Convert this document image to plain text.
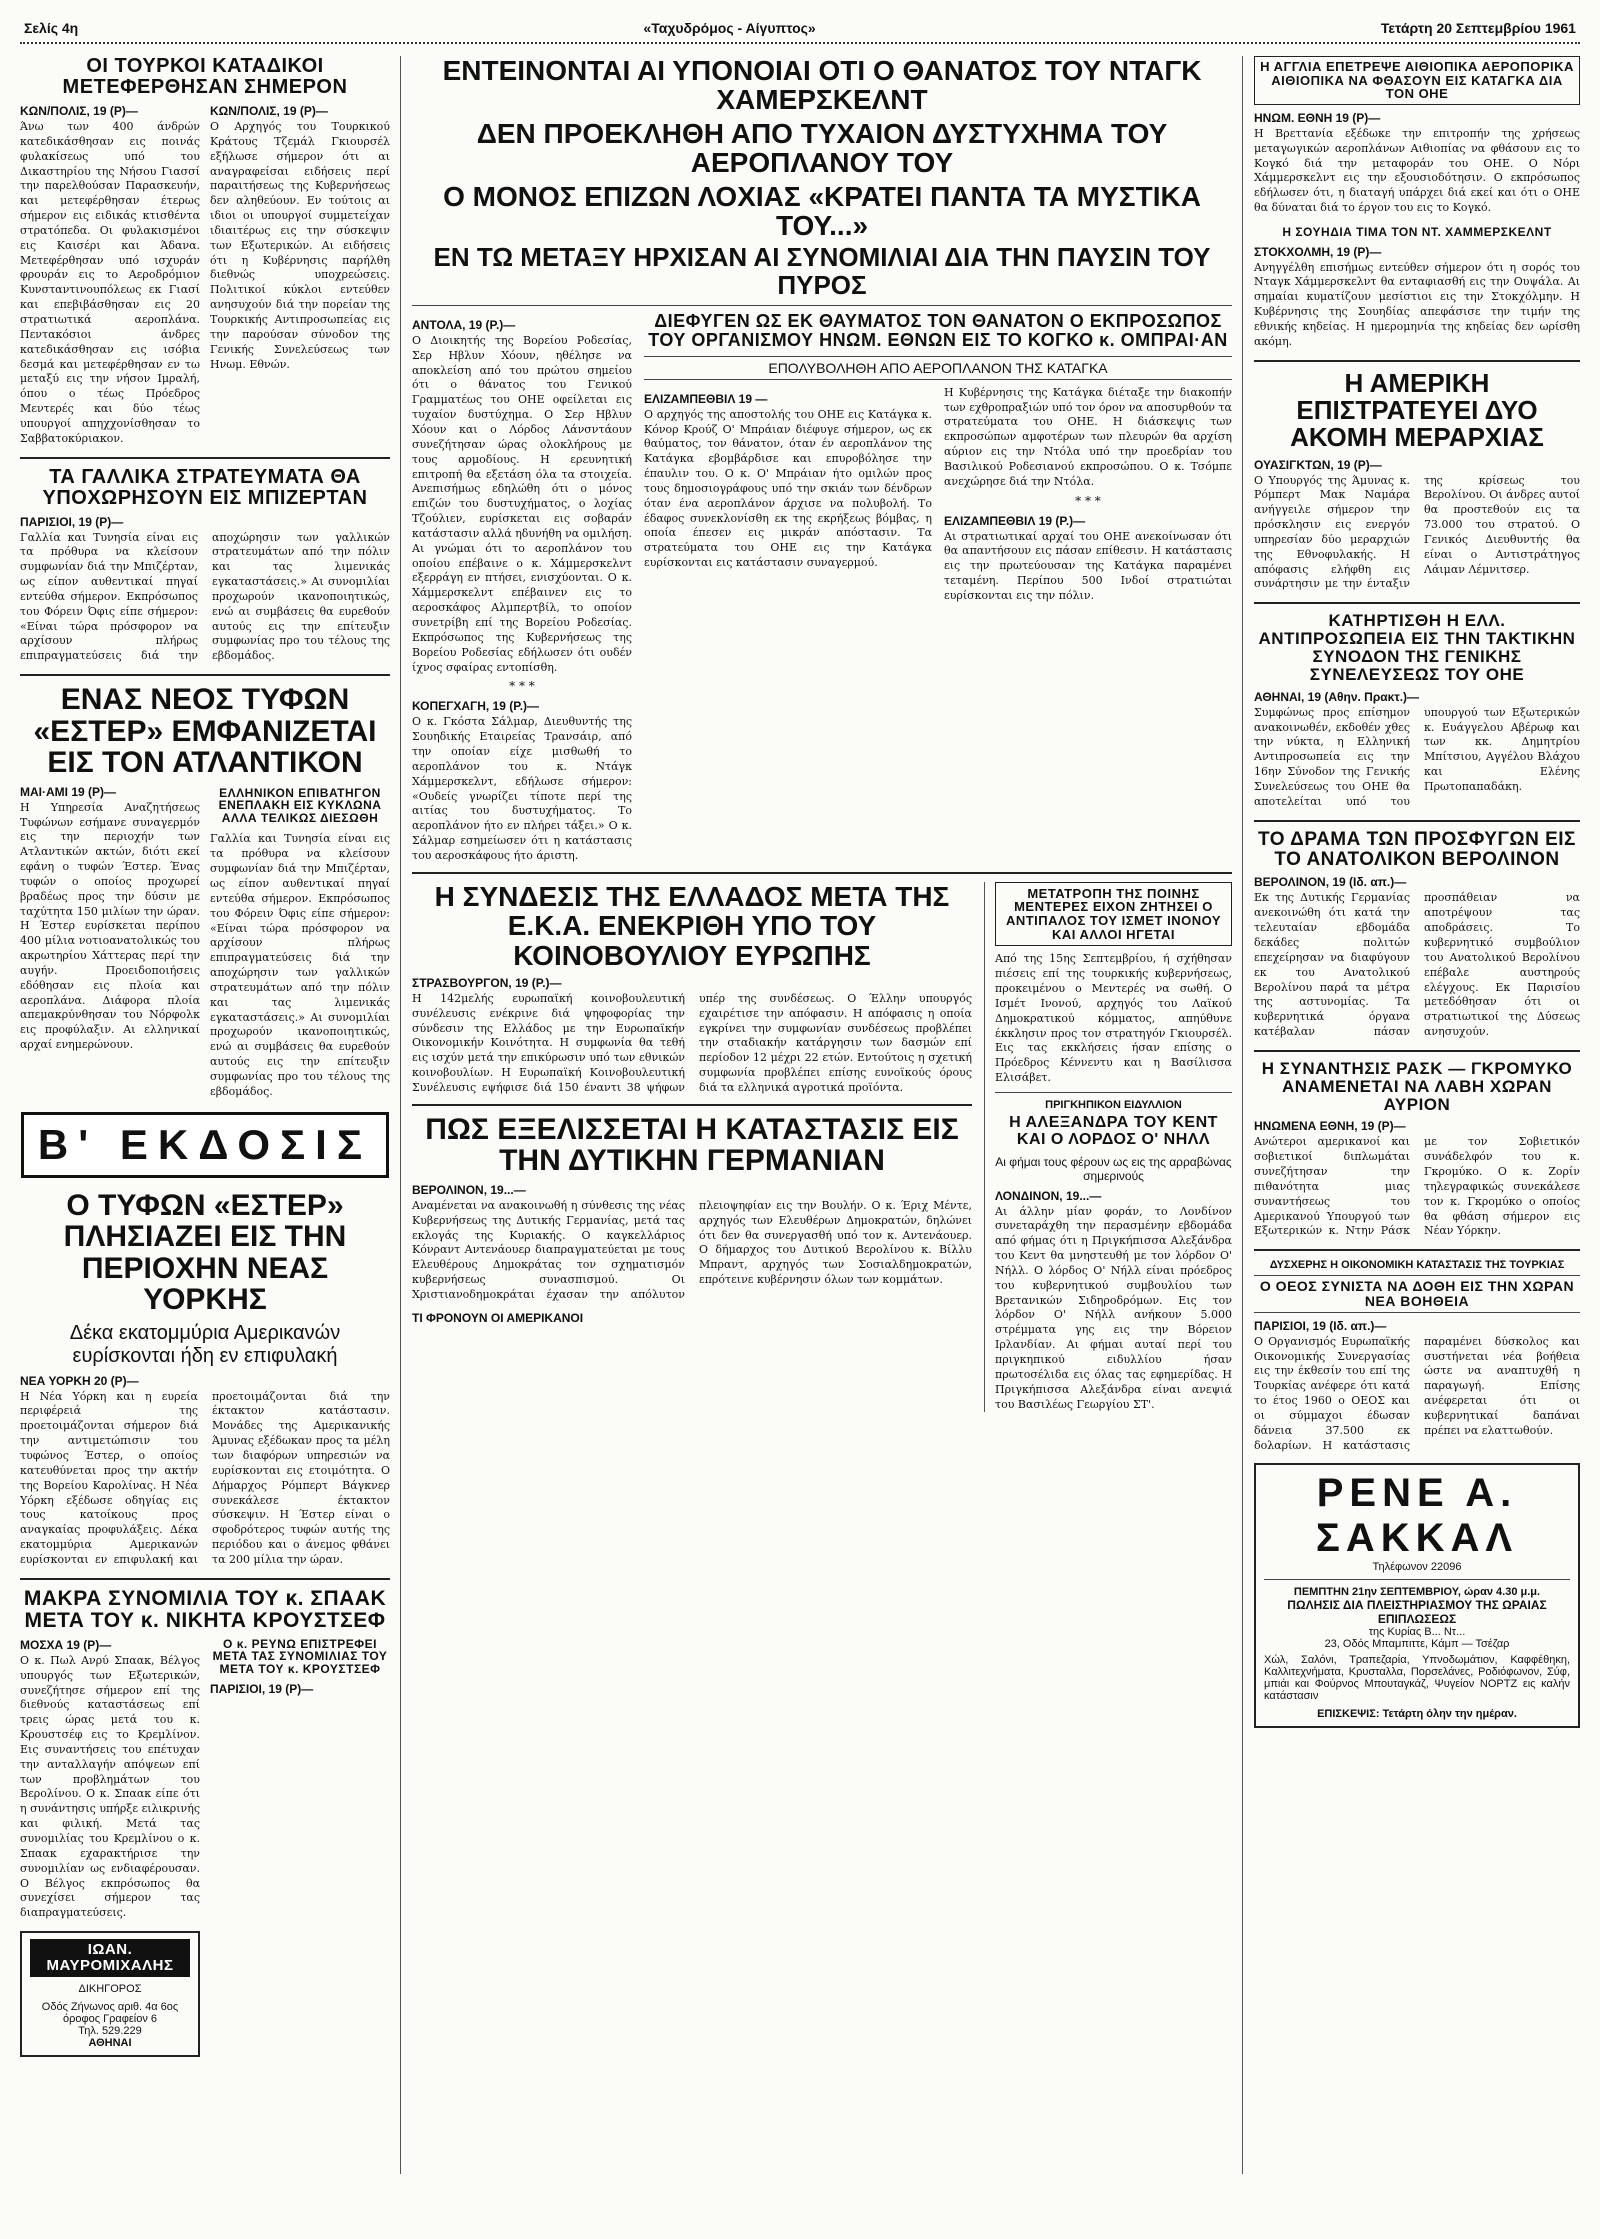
Σελίς 4η	«Ταχυδρόμος - Αίγυπτος»	Τετάρτη 20 Σεπτεμβρίου 1961
ΟΙ ΤΟΥΡΚΟΙ ΚΑΤΑΔΙΚΟΙ ΜΕΤΕΦΕΡΘΗΣΑΝ ΣΗΜΕΡΟΝ
ΚΩΝ/ΠΟΛΙΣ, 19 (Ρ)—
Άνω των 400 άνδρών κατεδικάσθησαν εις ποινάς φυλακίσεως υπό του Δικαστηρίου της Νήσου Γιασσί την παρελθούσαν Παρασκευήν, και μετεφέρθησαν έτερως σήμερον εις ειδικάς κτισθέντα στρατόπεδα. Οι φυλακισμένοι εις Καισέρι και Άδανα. Μετεφέρθησαν υπό ισχυράν φρουράν εις το Αεροδρόμιον Κυνσταντινουπόλεως εκ Γιασί και επεβιβάσθησαν εις 20 στρατιωτικά αεροπλάνα. Πεντακόσιοι άνδρες κατεδικάσθησαν εις ισόβια δεσμά και μετεφέρθησαν εν τω μεταξύ εις την νήσον Ιμραλή, όπου ο τέως Πρόεδρος Μεντερές και δύο τέως υπουργοί απηχχονίσθησαν το Σαββατοκύριακον.
ΚΩΝ/ΠΟΛΙΣ, 19 (Ρ)—
Ο Αρχηγός του Τουρκικού Κράτους Τζεμάλ Γκιουρσέλ εξήλωσε σήμερον ότι αι αναγραφείσαι ειδήσεις περί παραιτήσεως της Κυβερνήσεως δεν αληθεύουν. Εν τούτοις αι ιδιοι οι υπουργοί συμμετείχαν ιδιαιτέρως εις την σύσκεψιν των Εξωτερικών. Αι ειδήσεις ότι η Κυβέρνησις παρήλθη διεθνώς υποχρεώσεις. Πολιτικοί κύκλοι εντεύθεν ανησυχούν διά την πορείαν της Τουρκικής Αντιπροσωπείας εις την παρούσαν σύνοδον της Γενικής Συνελεύσεως των Ηνωμ. Εθνών.
ΤΑ ΓΑΛΛΙΚΑ ΣΤΡΑΤΕΥΜΑΤΑ ΘΑ ΥΠΟΧΩΡΗΣΟΥΝ ΕΙΣ ΜΠΙΖΕΡΤΑΝ
ΠΑΡΙΣΙΟΙ, 19 (Ρ)—
Γαλλία και Τυνησία είναι εις τα πρόθυρα να κλείσουν συμφωνίαν διά την Μπιζέρταν, ως είπον αυθεντικαί πηγαί εντεύθα σήμερον. Εκπρόσωπος του Φόρειν Όφις είπε σήμερον: «Είναι τώρα πρόσφορον να αρχίσουν πλήρως επιπραγματεύσεις διά την αποχώρησιν των γαλλικών στρατευμάτων από την πόλιν και τας λιμενικάς εγκαταστάσεις.» Αι συνομιλίαι προχωρούν ικανοποιητικώς, ενώ αι συμβάσεις θα ευρεθούν αυτούς εις την επίτευξιν συμφωνίας προ του τέλους της εβδομάδος.
ΕΝΑΣ ΝΕΟΣ ΤΥΦΩΝ «ΕΣΤΕΡ» ΕΜΦΑΝΙΖΕΤΑΙ ΕΙΣ ΤΟΝ ΑΤΛΑΝΤΙΚΟΝ
ΜΑΙ·ΑΜΙ 19 (Ρ)—
Η Υπηρεσία Αναζητήσεως Τυφώνων εσήμανε συναγερμόν εις την περιοχήν των Ατλαντικών ακτών, διότι εκεί εφάνη ο τυφών Έστερ. Ένας τυφών ο οποίος προχωρεί βραδέως προς την δύσιν με ταχύτητα 150 μιλίων την ώραν. Η Έστερ ευρίσκεται περίπου 400 μίλια νοτιοανατολικώς του ακρωτηρίου Χάττερας περί την αυγήν. Προειδοποιήσεις εδόθησαν εις πλοία και αεροπλάνα. Διάφορα πλοία απεμακρύνθησαν του Νόρφολκ εις προφύλαξιν. Αι ελληνικαί αρχαί ενημερώνουν.
ΕΛΛΗΝΙΚΟΝ ΕΠΙΒΑΤΗΓΟΝ ΕΝΕΠΛΑΚΗ ΕΙΣ ΚΥΚΛΩΝΑ ΑΛΛΑ ΤΕΛΙΚΩΣ ΔΙΕΣΩΘΗ
Γαλλία και Τυνησία είναι εις τα πρόθυρα να κλείσουν συμφωνίαν διά την Μπιζέρταν, ως είπον αυθεντικαί πηγαί εντεύθα σήμερον. Εκπρόσωπος του Φόρειν Όφις είπε σήμερον: «Είναι τώρα πρόσφορον να αρχίσουν πλήρως επιπραγματεύσεις διά την αποχώρησιν των γαλλικών στρατευμάτων από την πόλιν και τας λιμενικάς εγκαταστάσεις.» Αι συνομιλίαι προχωρούν ικανοποιητικώς, ενώ αι συμβάσεις θα ευρεθούν αυτούς εις την επίτευξιν συμφωνίας προ του τέλους της εβδομάδος.
Β' ΕΚΔΟΣΙΣ
Ο ΤΥΦΩΝ «ΕΣΤΕΡ» ΠΛΗΣΙΑΖΕΙ ΕΙΣ ΤΗΝ ΠΕΡΙΟΧΗΝ ΝΕΑΣ ΥΟΡΚΗΣ
Δέκα εκατομμύρια Αμερικανών ευρίσκονται ήδη εν επιφυλακή
ΝΕΑ ΥΟΡΚΗ 20 (Ρ)—
Η Νέα Υόρκη και η ευρεία περιφέρειά της προετοιμάζονται σήμερον διά την αντιμετώπισιν του τυφώνος Έστερ, ο οποίος κατευθύνεται προς την ακτήν της Βορείου Καρολίνας. Η Νέα Υόρκη εξέδωσε οδηγίας εις τους κατοίκους προς αναγκαίας προφυλάξεις. Δέκα εκατομμύρια Αμερικανών ευρίσκονται εν επιφυλακή και προετοιμάζονται διά την έκτακτον κατάστασιν. Μονάδες της Αμερικανικής Άμυνας εξέδωκαν προς τα μέλη των διαφόρων υπηρεσιών να ευρίσκονται εις ετοιμότητα. Ο Δήμαρχος Ρόμπερτ Βάγκνερ συνεκάλεσε έκτακτον σύσκεψιν. Η Έστερ είναι ο σφοδρότερος τυφών αυτής της περιόδου και ο άνεμος φθάνει τα 200 μίλια την ώραν.
ΜΑΚΡΑ ΣΥΝΟΜΙΛΙΑ ΤΟΥ κ. ΣΠΑΑΚ ΜΕΤΑ ΤΟΥ κ. ΝΙΚΗΤΑ ΚΡΟΥΣΤΣΕΦ
ΜΟΣΧΑ 19 (Ρ)—
Ο κ. Πωλ Ανρύ Σπαακ, Βέλγος υπουργός των Εξωτερικών, συνεζήτησε σήμερον επί της διεθνούς καταστάσεως επί τρεις ώρας μετά του κ. Κρουστσέφ εις το Κρεμλίνον. Εις συναντήσεις του επέτυχαν την ανταλλαγήν απόψεων επί των προβλημάτων του Βερολίνου. Ο κ. Σπαακ είπε ότι η συνάντησις υπήρξε ειλικρινής και φιλική. Μετά τας συνομιλίας του Κρεμλίνου ο κ. Σπαακ εχαρακτήρισε την συνομιλίαν ως ενδιαφέρουσαν. Ο Βέλγος εκπρόσωπος θα συνεχίσει σήμερον τας διαπραγματεύσεις.
Ο κ. ΡΕΥΝΩ ΕΠΙΣΤΡΕΦΕΙ ΜΕΤΑ ΤΑΣ ΣΥΝΟΜΙΛΙΑΣ ΤΟΥ ΜΕΤΑ ΤΟΥ κ. ΚΡΟΥΣΤΣΕΦ
ΠΑΡΙΣΙΟΙ, 19 (Ρ)—
ΙΩΑΝ. ΜΑΥΡΟΜΙΧΑΛΗΣ
ΔΙΚΗΓΟΡΟΣ
Οδός Ζήνωνος αριθ. 4α 6ος όροφος Γραφείον 6
Τηλ. 529.229
ΑΘΗΝΑΙ
ΕΝΤΕΙΝΟΝΤΑΙ ΑΙ ΥΠΟΝΟΙΑΙ ΟΤΙ Ο ΘΑΝΑΤΟΣ ΤΟΥ ΝΤΑΓΚ ΧΑΜΕΡΣΚΕΛΝΤ
ΔΕΝ ΠΡΟΕΚΛΗΘΗ ΑΠΟ ΤΥΧΑΙΟΝ ΔΥΣΤΥΧΗΜΑ ΤΟΥ ΑΕΡΟΠΛΑΝΟΥ ΤΟΥ
Ο ΜΟΝΟΣ ΕΠΙΖΩΝ ΛΟΧΙΑΣ «ΚΡΑΤΕΙ ΠΑΝΤΑ ΤΑ ΜΥΣΤΙΚΑ ΤΟΥ...»
ΕΝ ΤΩ ΜΕΤΑΞΥ ΗΡΧΙΣΑΝ ΑΙ ΣΥΝΟΜΙΛΙΑΙ ΔΙΑ ΤΗΝ ΠΑΥΣΙΝ ΤΟΥ ΠΥΡΟΣ
ΑΝΤΟΛΑ, 19 (Ρ.)—
Ο Διοικητής της Βορείου Ροδεσίας, Σερ Ηβλυν Χόουν, ηθέλησε να αποκλείση από του πρώτου σημείου ότι ο θάνατος του Γενικού Γραμματέως του ΟΗΕ οφείλεται εις τυχαίον δυστύχημα. Ο Σερ Ηβλυν Χόουν και ο Λόρδος Λάνσντάουν συνεζήτησαν ώρας ολοκλήρους με τους αρμοδίους. Η ερευνητική επιτροπή θα εξετάση όλα τα στοιχεία. Ανεπισήμως εδηλώθη ότι ο μόνος επιζών του δυστυχήματος, ο λοχίας Τζούλιεν, ευρίσκεται εις σοβαράν κατάστασιν αλλά ηδυνήθη να ομιλήση. Αι γνώμαι ότι το αεροπλάνον του οποίου επέβαινε ο κ. Χάμμερσκελντ εξερράγη εν πτήσει, ενισχύονται. Ο κ. Χάμμερσκελντ επέβαινεν εις το αεροσκάφος Αλμπερτβίλ, το οποίον συνετρίβη επί της Βορείου Ροδεσίας. Εκπρόσωπος της Κυβερνήσεως της Βορείου Ροδεσίας εδήλωσεν ότι ουδέν ίχνος σφαίρας εντοπίσθη.
* * *
ΚΟΠΕΓΧΑΓΗ, 19 (Ρ.)—
Ο κ. Γκόστα Σάλμαρ, Διευθυντής της Σουηδικής Εταιρείας Τρανσάιρ, από την οποίαν είχε μισθωθή το αεροπλάνον του κ. Ντάγκ Χάμμερσκελντ, εδήλωσε σήμερον: «Ουδείς γνωρίζει τίποτε περί της αιτίας του δυστυχήματος. Το αεροπλάνον ήτο εν πλήρει τάξει.» Ο κ. Σάλμαρ εσημείωσεν ότι η κατάστασις του αεροσκάφους ήτο άριστη.
ΔΙΕΦΥΓΕΝ ΩΣ ΕΚ ΘΑΥΜΑΤΟΣ ΤΟΝ ΘΑΝΑΤΟΝ Ο ΕΚΠΡΟΣΩΠΟΣ ΤΟΥ ΟΡΓΑΝΙΣΜΟΥ ΗΝΩΜ. ΕΘΝΩΝ ΕΙΣ ΤΟ ΚΟΓΚΟ κ. ΟΜΠΡΑΙ·ΑΝ
ΕΠΟΛΥΒΟΛΗΘΗ ΑΠΟ ΑΕΡΟΠΛΑΝΟΝ ΤΗΣ ΚΑΤΑΓΚΑ
ΕΛΙΖΑΜΠΕΘΒΙΛ 19 —
Ο αρχηγός της αποστολής του ΟΗΕ εις Κατάγκα κ. Κόνορ Κρούζ Ο' Μπράιαν διέφυγε σήμερον, ως εκ θαύματος, τον θάνατον, όταν έν αεροπλάνον της Κατάγκα εβομβάρδισε και επυροβόλησε την έπαυλιν του. Ο κ. Ο' Μπράιαν ήτο ομιλών προς τους δημοσιογράφους υπό την σκιάν των δένδρων όταν ένα αεροπλάνον άρχισε να πολυβολή. Το έδαφος συνεκλονίσθη εκ της εκρήξεως βόμβας, η οποία έπεσεν εις μικράν απόστασιν. Τα στρατεύματα του ΟΗΕ εις την Κατάγκα ευρίσκονται εις κατάστασιν συναγερμού.
Η Κυβέρνησις της Κατάγκα διέταξε την διακοπήν των εχθροπραξιών υπό τον όρον να αποσυρθούν τα στρατεύματα του ΟΗΕ. Η διάσκεψις των εκπροσώπων αμφοτέρων των πλευρών θα αρχίση αύριον εις την Ντόλα υπό την προεδρίαν του Βασιλικού Ροδεσιανού εκπροσώπου. Ο κ. Τσόμπε ανεχώρησε διά την Ντόλα.
* * *
ΕΛΙΖΑΜΠΕΘΒΙΛ 19 (Ρ.)—
Αι στρατιωτικαί αρχαί του ΟΗΕ ανεκοίνωσαν ότι θα απαντήσουν εις πάσαν επίθεσιν. Η κατάστασις εις την πρωτεύουσαν της Κατάγκα παραμένει τεταμένη. Περίπου 500 Ινδοί στρατιώται ευρίσκονται εις την πόλιν.
Η ΣΥΝΔΕΣΙΣ ΤΗΣ ΕΛΛΑΔΟΣ ΜΕΤΑ ΤΗΣ Ε.Κ.Α. ΕΝΕΚΡΙΘΗ ΥΠΟ ΤΟΥ ΚΟΙΝΟΒΟΥΛΙΟΥ ΕΥΡΩΠΗΣ
ΣΤΡΑΣΒΟΥΡΓΟΝ, 19 (Ρ.)—
Η 142μελής ευρωπαϊκή κοινοβουλευτική συνέλευσις ενέκρινε διά ψηφοφορίας την σύνδεσιν της Ελλάδος με την Ευρωπαϊκήν Οικονομικήν Κοινότητα. Η συμφωνία θα τεθή εις ισχύν μετά την επικύρωσιν υπό των εθνικών κοινοβουλίων. Η Ευρωπαϊκή Κοινοβουλευτική Συνέλευσις εψήφισε διά 150 έναντι 38 ψήφων υπέρ της συνδέσεως. Ο Έλλην υπουργός εχαιρέτισε την απόφασιν. Η απόφασις η οποία εγκρίνει την συμφωνίαν συνδέσεως προβλέπει την σταδιακήν κατάργησιν των δασμών επί περίοδον 12 μέχρι 22 ετών. Εντούτοις η σχετική συμφωνία προβλέπει επίσης ευνοϊκούς όρους διά τα ελληνικά αγροτικά προϊόντα.
ΠΩΣ ΕΞΕΛΙΣΣΕΤΑΙ Η ΚΑΤΑΣΤΑΣΙΣ ΕΙΣ ΤΗΝ ΔΥΤΙΚΗΝ ΓΕΡΜΑΝΙΑΝ
ΒΕΡΟΛΙΝΟΝ, 19...—
Αναμένεται να ανακοινωθή η σύνθεσις της νέας Κυβερνήσεως της Δυτικής Γερμανίας, μετά τας εκλογάς της Κυριακής. Ο καγκελλάριος Κόνραντ Αντενάουερ διαπραγματεύεται με τους Ελευθέρους Δημοκράτας τον σχηματισμόν κυβερνήσεως συνασπισμού. Οι Χριστιανοδημοκράται έχασαν την απόλυτον πλειοψηφίαν εις την Βουλήν. Ο κ. Έριχ Μέντε, αρχηγός των Ελευθέρων Δημοκρατών, δηλώνει ότι δεν θα συνεργασθή υπό τον κ. Αντενάουερ. Ο δήμαρχος του Δυτικού Βερολίνου κ. Βίλλυ Μπραντ, αρχηγός των Σοσιαλδημοκρατών, επρότεινε κυβέρνησιν όλων των κομμάτων.
ΤΙ ΦΡΟΝΟΥΝ ΟΙ ΑΜΕΡΙΚΑΝΟΙ
ΜΕΤΑΤΡΟΠΗ ΤΗΣ ΠΟΙΝΗΣ ΜΕΝΤΕΡΕΣ ΕΙΧΟΝ ΖΗΤΗΣΕΙ Ο ΑΝΤΙΠΑΛΟΣ ΤΟΥ ΙΣΜΕΤ ΙΝΟΝΟΥ ΚΑΙ ΑΛΛΟΙ ΗΓΕΤΑΙ
Από της 15ης Σεπτεμβρίου, ή σχήθησαν πιέσεις επί της τουρκικής κυβερνήσεως, προκειμένου ο Μεντερές να σωθή. Ο Ισμέτ Ινονού, αρχηγός του Λαϊκού Δημοκρατικού κόμματος, απηύθυνε έκκλησιν προς τον στρατηγόν Γκιουρσέλ. Εις τας εκκλήσεις ήσαν επίσης ο Πρόεδρος Κέννεντυ και η Βασίλισσα Ελισάβετ.
ΠΡΙΓΚΗΠΙΚΟΝ ΕΙΔΥΛΛΙΟΝ
Η ΑΛΕΞΑΝΔΡΑ ΤΟΥ ΚΕΝΤ ΚΑΙ Ο ΛΟΡΔΟΣ Ο' ΝΗΛΛ
Αι φήμαι τους φέρουν ως εις της αρραβώνας σημερινούς
ΛΟΝΔΙΝΟΝ, 19...—
Αι άλλην μίαν φοράν, το Λονδίνον συνεταράχθη την περασμένην εβδομάδα από φήμας ότι η Πριγκήπισσα Αλεξάνδρα του Κεντ θα μνηστευθή με τον λόρδον Ο' Νήλλ. Ο λόρδος Ο' Νήλλ είναι πρόεδρος του κυβερνητικού συμβουλίου των Βρετανικών Σιδηροδρόμων. Εις τον λόρδον Ο' Νήλλ ανήκουν 5.000 στρέμματα γης εις την Βόρειον Ιρλανδίαν. Αι φήμαι αυταί περί του πριγκηπικού ειδυλλίου ήσαν πρωτοσέλιδα εις όλας τας εφημερίδας. Η Πριγκήπισσα Αλεξάνδρα είναι ανεψιά του Βασιλέως Γεωργίου ΣΤ'.
Η ΑΓΓΛΙΑ ΕΠΕΤΡΕΨΕ ΑΙΘΙΟΠΙΚΑ ΑΕΡΟΠΟΡΙΚΑ ΑΙΘΙΟΠΙΚΑ ΝΑ ΦΘΑΣΟΥΝ ΕΙΣ ΚΑΤΑΓΚΑ ΔΙΑ ΤΟΝ ΟΗΕ
ΗΝΩΜ. ΕΘΝΗ 19 (Ρ)—
Η Βρεττανία εξέδωκε την επιτροπήν της χρήσεως μεταγωγικών αεροπλάνων Αιθιοπίας να φθάσουν εις το Κογκό διά την μεταφοράν του ΟΗΕ. Ο Νόρι Χάμμερσκελντ εις την εξουσιοδότησιν. Ο εκπρόσωπος εδήλωσεν ότι, η διαταγή υπάρχει διά εκεί και ότι ο ΟΗΕ θα δύναται διά το έργον του εις το Κογκό.
Η ΣΟΥΗΔΙΑ ΤΙΜΑ ΤΟΝ ΝΤ. ΧΑΜΜΕΡΣΚΕΛΝΤ
ΣΤΟΚΧΟΛΜΗ, 19 (Ρ)—
Ανηγγέλθη επισήμως εντεύθεν σήμερον ότι η σορός του Νταγκ Χάμμερσκελντ θα ενταφιασθή εις την Ουψάλα. Αι σημαίαι κυματίζουν μεσίστιοι εις την Στοκχόλμην. Η Κυβέρνησις της Σουηδίας απεφάσισε την τιμήν της εθνικής κηδείας. Η ημερομηνία της κηδείας δεν ωρίσθη ακόμη.
Η ΑΜΕΡΙΚΗ ΕΠΙΣΤΡΑΤΕΥΕΙ ΔΥΟ ΑΚΟΜΗ ΜΕΡΑΡΧΙΑΣ
ΟΥΑΣΙΓΚΤΩΝ, 19 (Ρ)—
Ο Υπουργός της Άμυνας κ. Ρόμπερτ Μακ Ναμάρα ανήγγειλε σήμερον την πρόσκλησιν εις ενεργόν υπηρεσίαν δύο μεραρχιών της Εθνοφυλακής. Η απόφασις ελήφθη εις συνάρτησιν με την ένταξιν της κρίσεως του Βερολίνου. Οι άνδρες αυτοί θα προστεθούν εις τα 73.000 του στρατού. Ο Γενικός Διευθυντής θα είναι ο Αντιστράτηγος Λάιμαν Λέμνιτσερ.
ΚΑΤΗΡΤΙΣΘΗ Η ΕΛΛ. ΑΝΤΙΠΡΟΣΩΠΕΙΑ ΕΙΣ ΤΗΝ ΤΑΚΤΙΚΗΝ ΣΥΝΟΔΟΝ ΤΗΣ ΓΕΝΙΚΗΣ ΣΥΝΕΛΕΥΣΕΩΣ ΤΟΥ ΟΗΕ
ΑΘΗΝΑΙ, 19 (Αθην. Πρακτ.)—
Συμφώνως προς επίσημον ανακοινωθέν, εκδοθέν χθες την νύκτα, η Ελληνική Αντιπροσωπεία εις την 16ην Σύνοδον της Γενικής Συνελεύσεως του ΟΗΕ θα αποτελείται υπό του υπουργού των Εξωτερικών κ. Ευάγγελου Αβέρωφ και των κκ. Δημητρίου Μπίτσιου, Αγγέλου Βλάχου και Ελένης Πρωτοπαπαδάκη.
ΤΟ ΔΡΑΜΑ ΤΩΝ ΠΡΟΣΦΥΓΩΝ ΕΙΣ ΤΟ ΑΝΑΤΟΛΙΚΟΝ ΒΕΡΟΛΙΝΟΝ
ΒΕΡΟΛΙΝΟΝ, 19 (Ιδ. απ.)—
Εκ της Δυτικής Γερμανίας ανεκοινώθη ότι κατά την τελευταίαν εβδομάδα δεκάδες πολιτών επεχείρησαν να διαφύγουν εκ του Ανατολικού Βερολίνου παρά τα μέτρα της αστυνομίας. Τα κυβερνητικά όργανα κατέβαλαν πάσαν προσπάθειαν να αποτρέψουν τας αποδράσεις. Το κυβερνητικό συμβούλιον του Ανατολικού Βερολίνου επέβαλε αυστηρούς ελέγχους. Εκ Παρισίου μετεδόθησαν ότι οι στρατιωτικοί της Δύσεως ανησυχούν.
Η ΣΥΝΑΝΤΗΣΙΣ ΡΑΣΚ — ΓΚΡΟΜΥΚΟ ΑΝΑΜΕΝΕΤΑΙ ΝΑ ΛΑΒΗ ΧΩΡΑΝ ΑΥΡΙΟΝ
ΗΝΩΜΕΝΑ ΕΘΝΗ, 19 (Ρ)—
Ανώτεροι αμερικανοί και σοβιετικοί διπλωμάται συνεζήτησαν την πιθανότητα μιας συναντήσεως του Αμερικανού Υπουργού των Εξωτερικών κ. Ντην Ράσκ με τον Σοβιετικόν συνάδελφόν του κ. Γκρομύκο. Ο κ. Ζορίν τηλεγραφικώς συνεκάλεσε τον κ. Γκρομύκο ο οποίος θα φθάση σήμερον εις Νέαν Υόρκην.
ΔΥΣΧΕΡΗΣ Η ΟΙΚΟΝΟΜΙΚΗ ΚΑΤΑΣΤΑΣΙΣ ΤΗΣ ΤΟΥΡΚΙΑΣ
Ο ΟΕΟΣ ΣΥΝΙΣΤΑ ΝΑ ΔΟΘΗ ΕΙΣ ΤΗΝ ΧΩΡΑΝ ΝΕΑ ΒΟΗΘΕΙΑ
ΠΑΡΙΣΙΟΙ, 19 (Ιδ. απ.)—
Ο Οργανισμός Ευρωπαϊκής Οικονομικής Συνεργασίας εις την έκθεσίν του επί της Τουρκίας ανέφερε ότι κατά το έτος 1960 ο ΟΕΟΣ και οι σύμμαχοι έδωσαν δάνεια 37.500 εκ δολαρίων. Η κατάστασις παραμένει δύσκολος και συστήνεται νέα βοήθεια ώστε να αναπτυχθή η παραγωγή. Επίσης ανέφερεται ότι οι κυβερνητικαί δαπάναι πρέπει να ελαττωθούν.
ΡΕΝΕ Α. ΣΑΚΚΑΛ
Τηλέφωνον 22096
ΠΕΜΠΤΗΝ 21ην ΣΕΠΤΕΜΒΡΙΟΥ, ώραν 4.30 μ.μ.
ΠΩΛΗΣΙΣ ΔΙΑ ΠΛΕΙΣΤΗΡΙΑΣΜΟΥ ΤΗΣ ΩΡΑΙΑΣ ΕΠΙΠΛΩΣΕΩΣ
της Κυρίας Β... Ντ...
23, Οδός Μπαμπιττε, Κάμπ — Τσέζαρ
Χώλ, Σαλόνι, Τραπεζαρία, Υπνοδωμάτιον, Καφφέθηκη, Καλλιτεχνήματα, Κρυσταλλα, Πορσελάνες, Ροδιόφωνον, Σύφ, μπιάι και Φούρνος Μπουταγκάζ, Ψυγείον ΝΟΡΤΖ εις καλήν κατάστασιν
ΕΠΙΣΚΕΨΙΣ: Τετάρτη όλην την ημέραν.
